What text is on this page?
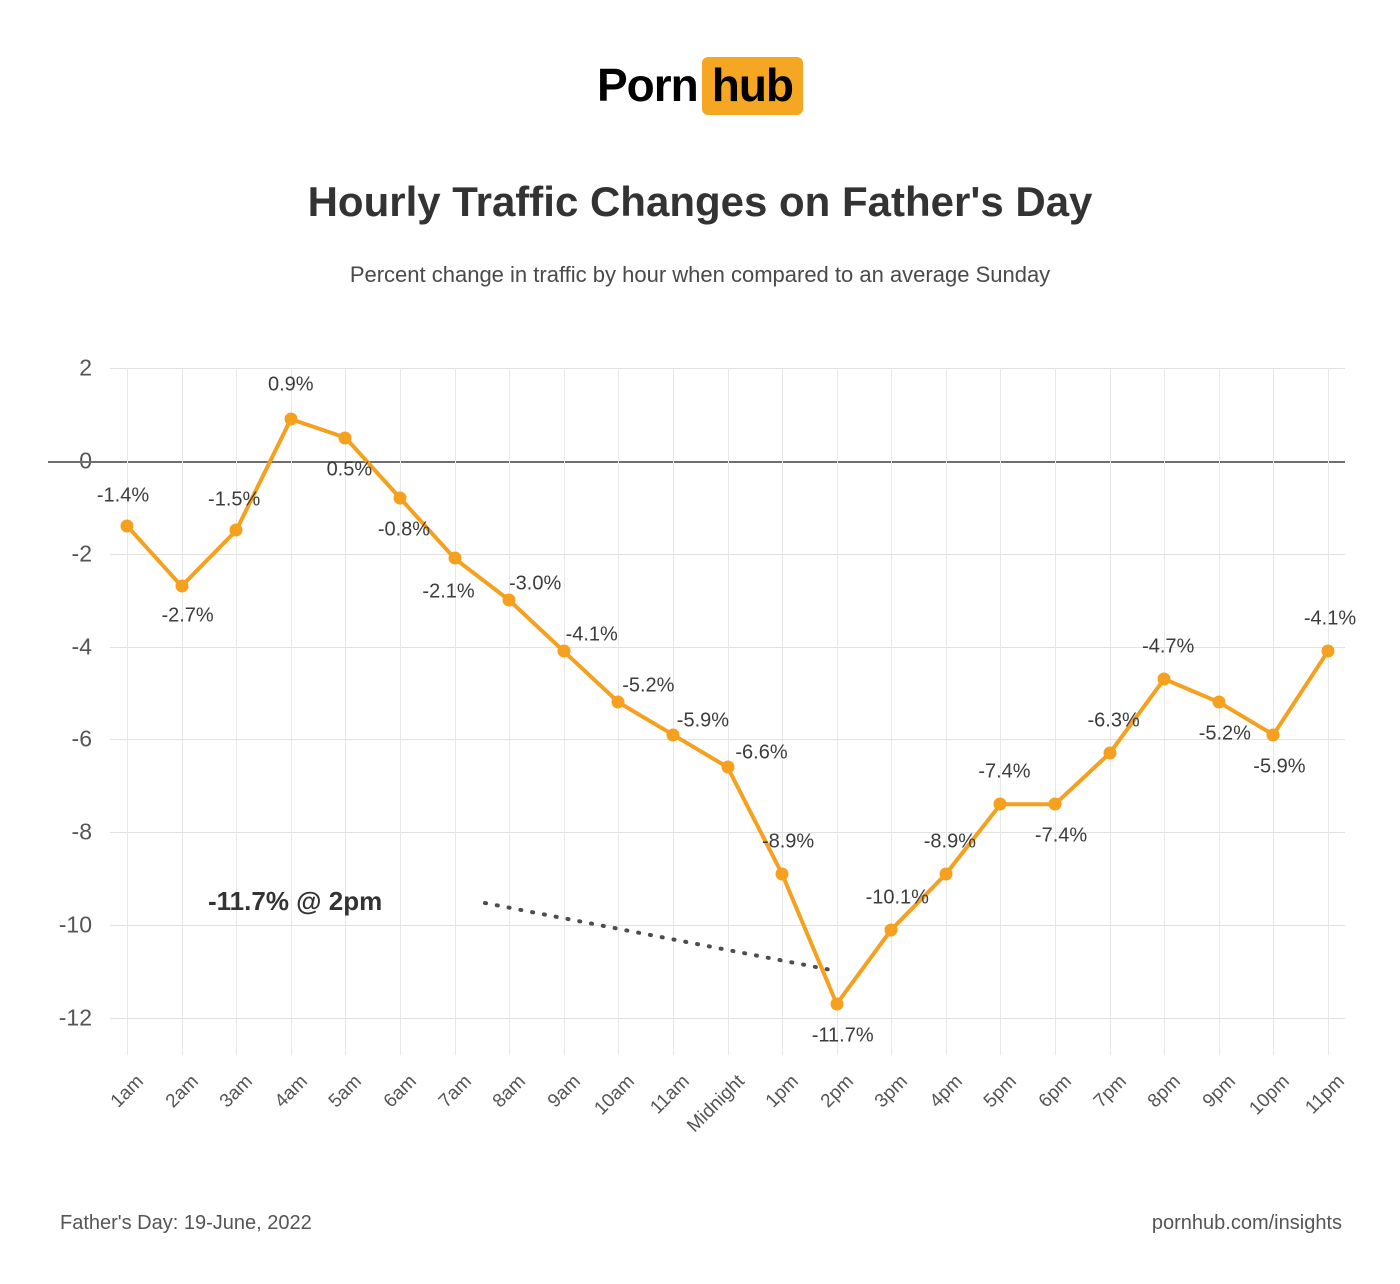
Porn hub
Hourly Traffic Changes on Father's Day
Percent change in traffic by hour when compared to an average Sunday
2
-2
-4
-6
-8
-10
-12
-1.4%
-2.7%
-1.5%
0.9%
0.5%
-0.8%
-2.1% -3.0%
-4.1%
-5.2%
-5.9%
-6.6%
-8.9%
-11.7%
-10.1%
-8.9%
-7.4%
-7.4%
-6.3%
-4.7%
-5.2%
-5.9%
-4.1%
1am 2am 3am 4am 5am 6am 7am 8am 9am 10am 11am
Midnight 1pm 2pm 3pm 4pm 5pm 6pm 7pm 8pm 9pm 10pm 11pm
-11.7% @ 2pm
Father's Day: 19-June, 2022	pornhub.com/insights
